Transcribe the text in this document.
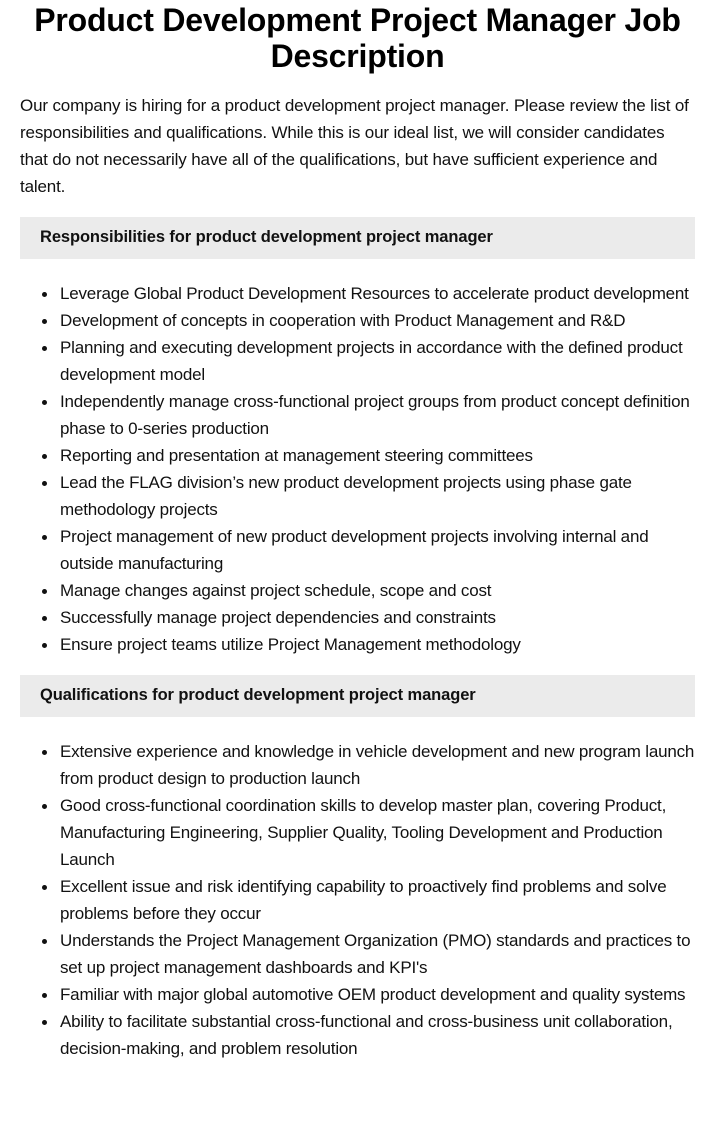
Product Development Project Manager Job Description

Our company is hiring for a product development project manager. Please review the list of responsibilities and qualifications. While this is our ideal list, we will consider candidates that do not necessarily have all of the qualifications, but have sufficient experience and talent.

Responsibilities for product development project manager
Leverage Global Product Development Resources to accelerate product development
Development of concepts in cooperation with Product Management and R&D
Planning and executing development projects in accordance with the defined product development model
Independently manage cross-functional project groups from product concept definition phase to 0-series production
Reporting and presentation at management steering committees
Lead the FLAG division’s new product development projects using phase gate methodology projects
Project management of new product development projects involving internal and outside manufacturing
Manage changes against project schedule, scope and cost
Successfully manage project dependencies and constraints
Ensure project teams utilize Project Management methodology
Qualifications for product development project manager
Extensive experience and knowledge in vehicle development and new program launch from product design to production launch
Good cross-functional coordination skills to develop master plan, covering Product, Manufacturing Engineering, Supplier Quality, Tooling Development and Production Launch
Excellent issue and risk identifying capability to proactively find problems and solve problems before they occur
Understands the Project Management Organization (PMO) standards and practices to set up project management dashboards and KPI's
Familiar with major global automotive OEM product development and quality systems
Ability to facilitate substantial cross-functional and cross-business unit collaboration, decision-making, and problem resolution
